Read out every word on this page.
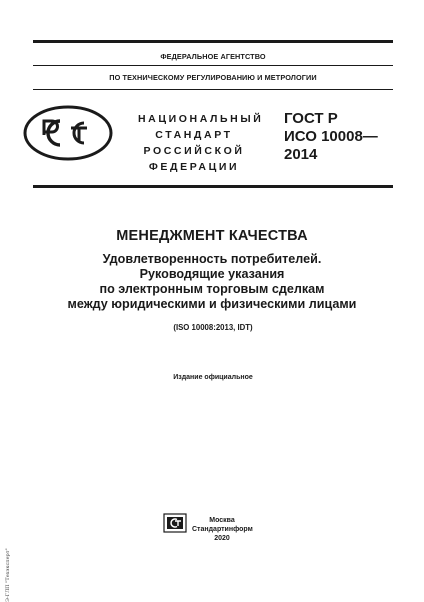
ФЕДЕРАЛЬНОЕ АГЕНТСТВО
ПО ТЕХНИЧЕСКОМУ РЕГУЛИРОВАНИЮ И МЕТРОЛОГИИ
НАЦИОНАЛЬНЫЙ
СТАНДАРТ
РОССИЙСКОЙ
ФЕДЕРАЦИИ
ГОСТ Р
ИСО 10008—
2014
МЕНЕДЖМЕНТ КАЧЕСТВА
Удовлетворенность потребителей.
Руководящие указания
по электронным торговым сделкам
между юридическими и физическими лицами
(ISO 10008:2013, IDT)
Издание официальное
Москва
Стандартинформ
2020
Э-ГЛП "Техэксперт"
